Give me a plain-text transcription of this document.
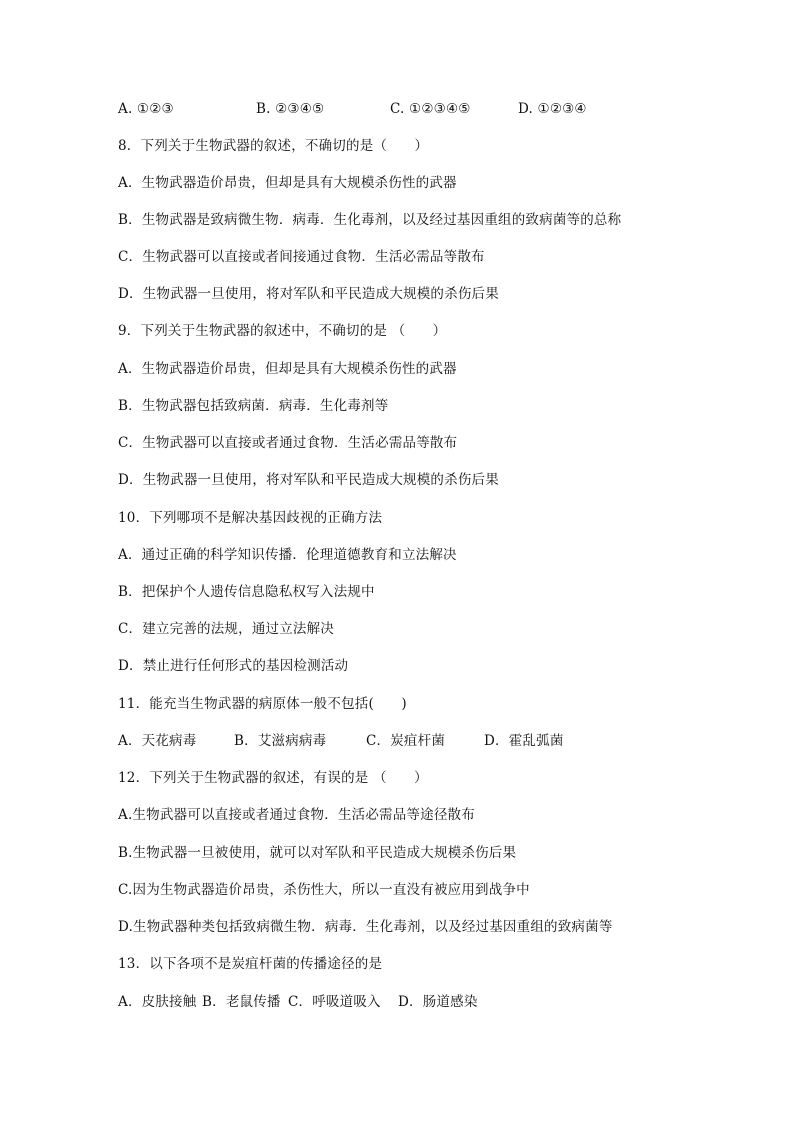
A. ①②③	B. ②③④⑤	C. ①②③④⑤	D. ①②③④
8．下列关于生物武器的叙述，不确切的是（　　）
A．生物武器造价昂贵，但却是具有大规模杀伤性的武器
B．生物武器是致病微生物．病毒．生化毒剂，以及经过基因重组的致病菌等的总称
C．生物武器可以直接或者间接通过食物．生活必需品等散布
D．生物武器一旦使用，将对军队和平民造成大规模的杀伤后果
9．下列关于生物武器的叙述中，不确切的是 （　　）
A．生物武器造价昂贵，但却是具有大规模杀伤性的武器
B．生物武器包括致病菌．病毒．生化毒剂等
C．生物武器可以直接或者通过食物．生活必需品等散布
D．生物武器一旦使用，将对军队和平民造成大规模的杀伤后果
10．下列哪项不是解决基因歧视的正确方法
A．通过正确的科学知识传播．伦理道德教育和立法解决
B．把保护个人遗传信息隐私权写入法规中
C．建立完善的法规，通过立法解决
D．禁止进行任何形式的基因检测活动
11．能充当生物武器的病原体一般不包括(　　)
A．天花病毒	B．艾滋病病毒	C．炭疽杆菌	D．霍乱弧菌
12．下列关于生物武器的叙述，有误的是 （　　）
A.生物武器可以直接或者通过食物．生活必需品等途径散布
B.生物武器一旦被使用，就可以对军队和平民造成大规模杀伤后果
C.因为生物武器造价昂贵，杀伤性大，所以一直没有被应用到战争中
D.生物武器种类包括致病微生物．病毒．生化毒剂，以及经过基因重组的致病菌等
13．以下各项不是炭疽杆菌的传播途径的是
A．皮肤接触 B．老鼠传播 C．呼吸道吸入 D．肠道感染
